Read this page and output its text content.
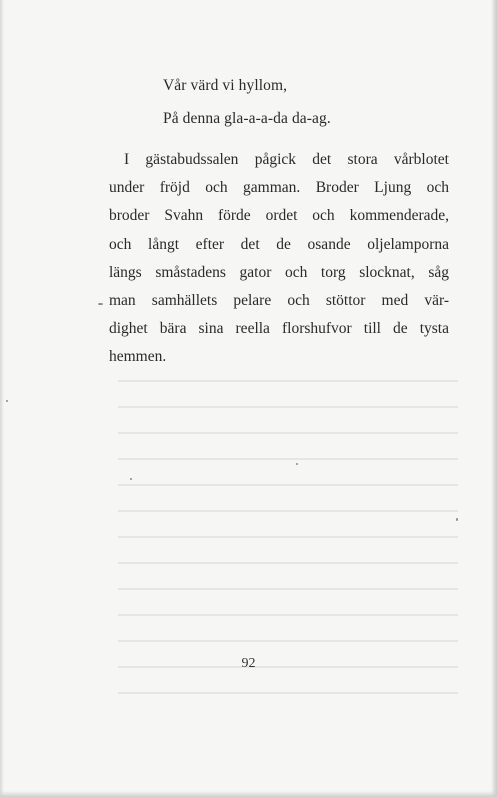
Vår värd vi hyllom,
På denna gla-a-a-da da-ag.
I gästabudssalen pågick det stora vårblotet
under fröjd och gamman. Broder Ljung och
broder Svahn förde ordet och kommenderade,
och långt efter det de osande oljelamporna
längs småstadens gator och torg slocknat, såg
man samhällets pelare och stöttor med vär-
dighet bära sina reella florshufvor till de tysta
hemmen.
92
